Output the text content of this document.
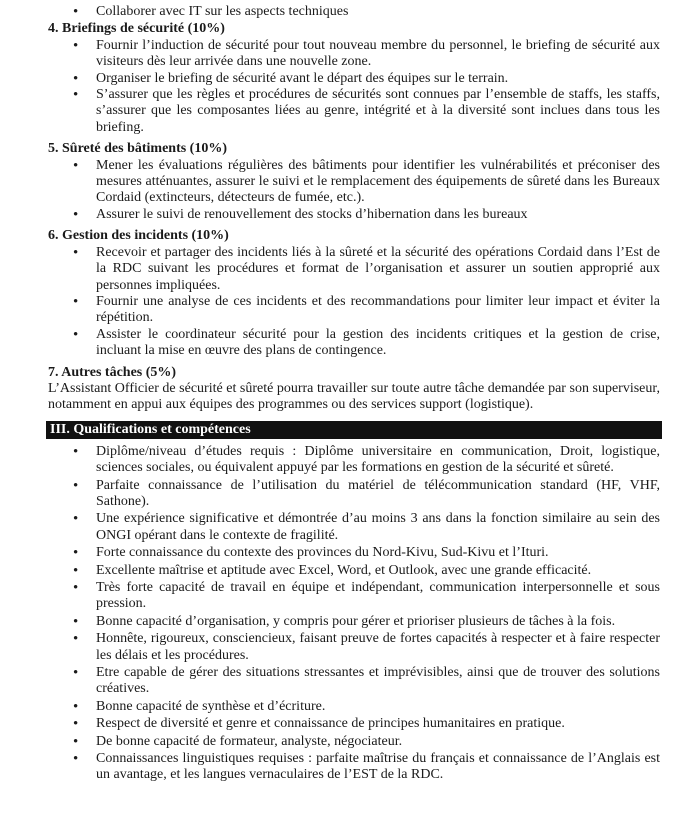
• Collaborer avec IT sur les aspects techniques
4. Briefings de sécurité (10%)
• Fournir l’induction de sécurité pour tout nouveau membre du personnel, le briefing de sécurité aux visiteurs dès leur arrivée dans une nouvelle zone.
• Organiser le briefing de sécurité avant le départ des équipes sur le terrain.
• S’assurer que les règles et procédures de sécurités sont connues par l’ensemble de staffs, les staffs, s’assurer que les composantes liées au genre, intégrité et à la diversité sont inclues dans tous les briefing.
5. Sûreté des bâtiments (10%)
• Mener les évaluations régulières des bâtiments pour identifier les vulnérabilités et préconiser des mesures atténuantes, assurer le suivi et le remplacement des équipements de sûreté dans les Bureaux Cordaid (extincteurs, détecteurs de fumée, etc.).
• Assurer le suivi de renouvellement des stocks d’hibernation dans les bureaux
6. Gestion des incidents (10%)
• Recevoir et partager des incidents liés à la sûreté et la sécurité des opérations Cordaid dans l’Est de la RDC suivant les procédures et format de l’organisation et assurer un soutien approprié aux personnes impliquées.
• Fournir une analyse de ces incidents et des recommandations pour limiter leur impact et éviter la répétition.
• Assister le coordinateur sécurité pour la gestion des incidents critiques et la gestion de crise, incluant la mise en œuvre des plans de contingence.
7. Autres tâches (5%)
L’Assistant Officier de sécurité et sûreté pourra travailler sur toute autre tâche demandée par son superviseur, notamment en appui aux équipes des programmes ou des services support (logistique).
III. Qualifications et compétences
• Diplôme/niveau d’études requis : Diplôme universitaire en communication, Droit, logistique, sciences sociales, ou équivalent appuyé par les formations en gestion de la sécurité et sûreté.
• Parfaite connaissance de l’utilisation du matériel de télécommunication standard (HF, VHF, Sathone).
• Une expérience significative et démontrée d’au moins 3 ans dans la fonction similaire au sein des ONGI opérant dans le contexte de fragilité.
• Forte connaissance du contexte des provinces du Nord-Kivu, Sud-Kivu et l’Ituri.
• Excellente maîtrise et aptitude avec Excel, Word, et Outlook, avec une grande efficacité.
• Très forte capacité de travail en équipe et indépendant, communication interpersonnelle et sous pression.
• Bonne capacité d’organisation, y compris pour gérer et prioriser plusieurs de tâches à la fois.
• Honnête, rigoureux, consciencieux, faisant preuve de fortes capacités à respecter et à faire respecter les délais et les procédures.
• Etre capable de gérer des situations stressantes et imprévisibles, ainsi que de trouver des solutions créatives.
• Bonne capacité de synthèse et d’écriture.
• Respect de diversité et genre et connaissance de principes humanitaires en pratique.
• De bonne capacité de formateur, analyste, négociateur.
• Connaissances linguistiques requises : parfaite maîtrise du français et connaissance de l’Anglais est un avantage, et les langues vernaculaires de l’EST de la RDC.
